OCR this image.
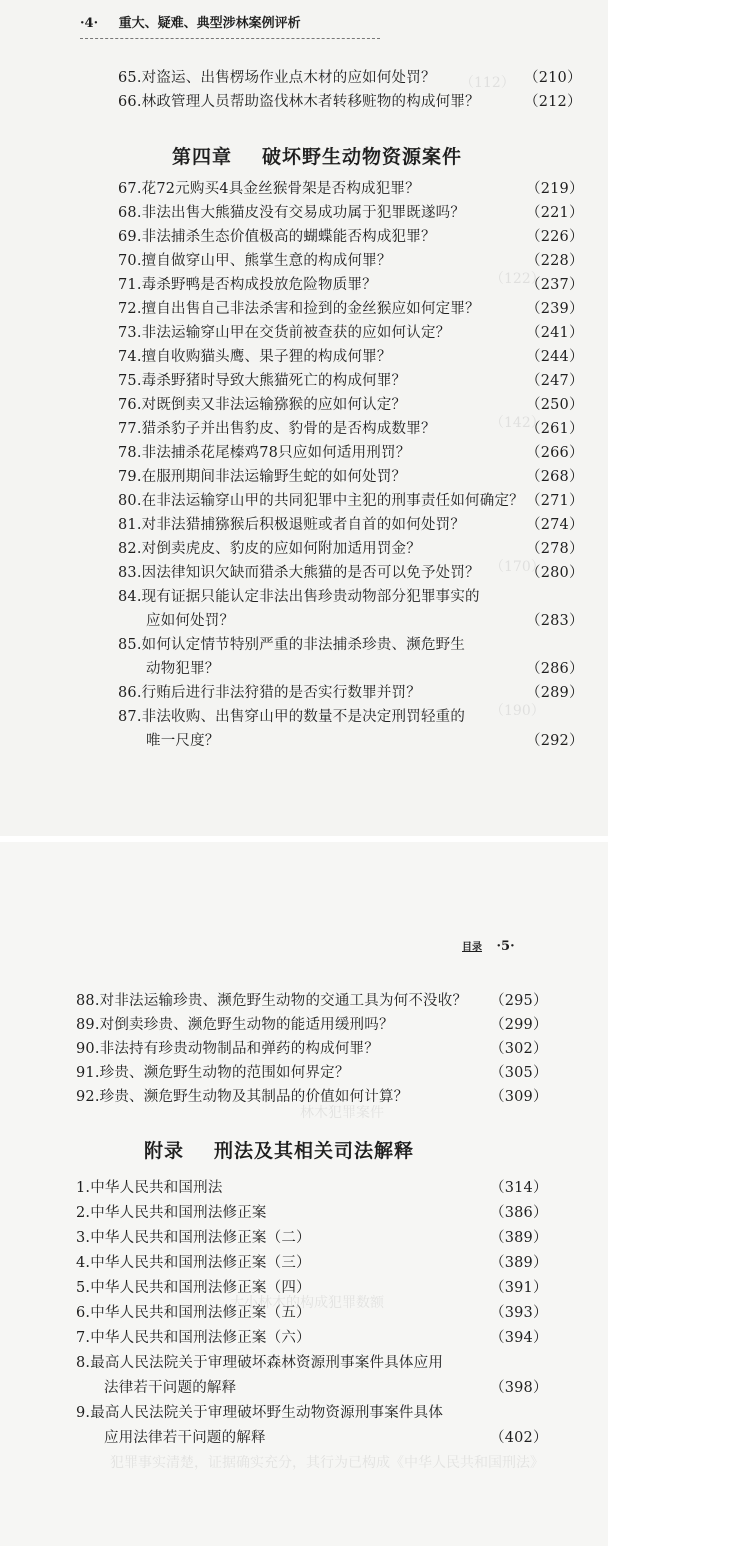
（112）
（122）
（142）
（170）
（190）
林木犯罪案件
大小林木的构成犯罪数额
犯罪事实清楚，证据确实充分，其行为已构成《中华人民共和国刑法》
·4· 重大、疑难、典型涉林案例评析
目录 ·5·
65.对盗运、出售楞场作业点木材的应如何处罚？	（210）
66.林政管理人员帮助盗伐林木者转移赃物的构成何罪？	（212）
第四章 破坏野生动物资源案件
67.花72元购买4具金丝猴骨架是否构成犯罪？	（219）
68.非法出售大熊猫皮没有交易成功属于犯罪既遂吗？	（221）
69.非法捕杀生态价值极高的蝴蝶能否构成犯罪？	（226）
70.擅自做穿山甲、熊掌生意的构成何罪？	（228）
71.毒杀野鸭是否构成投放危险物质罪？	（237）
72.擅自出售自己非法杀害和捡到的金丝猴应如何定罪？	（239）
73.非法运输穿山甲在交货前被查获的应如何认定？	（241）
74.擅自收购猫头鹰、果子狸的构成何罪？	（244）
75.毒杀野猪时导致大熊猫死亡的构成何罪？	（247）
76.对既倒卖又非法运输猕猴的应如何认定？	（250）
77.猎杀豹子并出售豹皮、豹骨的是否构成数罪？	（261）
78.非法捕杀花尾榛鸡78只应如何适用刑罚？	（266）
79.在服刑期间非法运输野生蛇的如何处罚？	（268）
80.在非法运输穿山甲的共同犯罪中主犯的刑事责任如何确定？ （271）
81.对非法猎捕猕猴后积极退赃或者自首的如何处罚？	（274）
82.对倒卖虎皮、豹皮的应如何附加适用罚金？	（278）
83.因法律知识欠缺而猎杀大熊猫的是否可以免予处罚？	（280）
84.现有证据只能认定非法出售珍贵动物部分犯罪事实的
应如何处罚？	（283）
85.如何认定情节特别严重的非法捕杀珍贵、濒危野生
动物犯罪？	（286）
86.行贿后进行非法狩猎的是否实行数罪并罚？	（289）
87.非法收购、出售穿山甲的数量不是决定刑罚轻重的
唯一尺度？	（292）
88.对非法运输珍贵、濒危野生动物的交通工具为何不没收？ （295）
89.对倒卖珍贵、濒危野生动物的能适用缓刑吗？	（299）
90.非法持有珍贵动物制品和弹药的构成何罪？	（302）
91.珍贵、濒危野生动物的范围如何界定？	（305）
92.珍贵、濒危野生动物及其制品的价值如何计算？	（309）
附录 刑法及其相关司法解释
1.中华人民共和国刑法	（314）
2.中华人民共和国刑法修正案	（386）
3.中华人民共和国刑法修正案（二）	（389）
4.中华人民共和国刑法修正案（三）	（389）
5.中华人民共和国刑法修正案（四）	（391）
6.中华人民共和国刑法修正案（五）	（393）
7.中华人民共和国刑法修正案（六）	（394）
8.最高人民法院关于审理破坏森林资源刑事案件具体应用
法律若干问题的解释	（398）
9.最高人民法院关于审理破坏野生动物资源刑事案件具体
应用法律若干问题的解释	（402）
